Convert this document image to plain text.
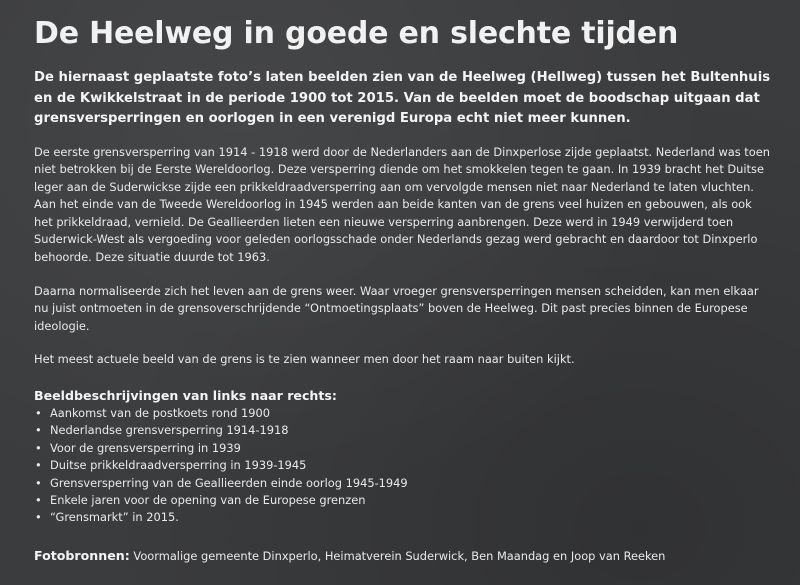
De Heelweg in goede en slechte tijden

De hiernaast geplaatste foto’s laten beelden zien van de Heelweg (Hellweg) tussen het Bultenhuis en de Kwikkelstraat in de periode 1900 tot 2015. Van de beelden moet de boodschap uitgaan dat grensversperringen en oorlogen in een verenigd Europa echt niet meer kunnen.

De eerste grensversperring van 1914 - 1918 werd door de Nederlanders aan de Dinxperlose zijde geplaatst. Nederland was toen niet betrokken bij de Eerste Wereldoorlog. Deze versperring diende om het smokkelen tegen te gaan. In 1939 bracht het Duitse leger aan de Suderwickse zijde een prikkeldraadversperring aan om vervolgde mensen niet naar Nederland te laten vluchten. Aan het einde van de Tweede Wereldoorlog in 1945 werden aan beide kanten van de grens veel huizen en gebouwen, als ook het prikkeldraad, vernield. De Geallieerden lieten een nieuwe versperring aanbrengen. Deze werd in 1949 verwijderd toen Suderwick-West als vergoeding voor geleden oorlogsschade onder Nederlands gezag werd gebracht en daardoor tot Dinxperlo behoorde. Deze situatie duurde tot 1963.

Daarna normaliseerde zich het leven aan de grens weer. Waar vroeger grensversperringen mensen scheidden, kan men elkaar nu juist ontmoeten in de grensoverschrijdende “Ontmoetingsplaats” boven de Heelweg. Dit past precies binnen de Europese ideologie.

Het meest actuele beeld van de grens is te zien wanneer men door het raam naar buiten kijkt.

Beeldbeschrijvingen van links naar rechts:
• Aankomst van de postkoets rond 1900
• Nederlandse grensversperring 1914-1918
• Voor de grensversperring in 1939
• Duitse prikkeldraadversperring in 1939-1945
• Grensversperring van de Geallieerden einde oorlog 1945-1949
• Enkele jaren voor de opening van de Europese grenzen
• “Grensmarkt” in 2015.

Fotobronnen: Voormalige gemeente Dinxperlo, Heimatverein Suderwick, Ben Maandag en Joop van Reeken
